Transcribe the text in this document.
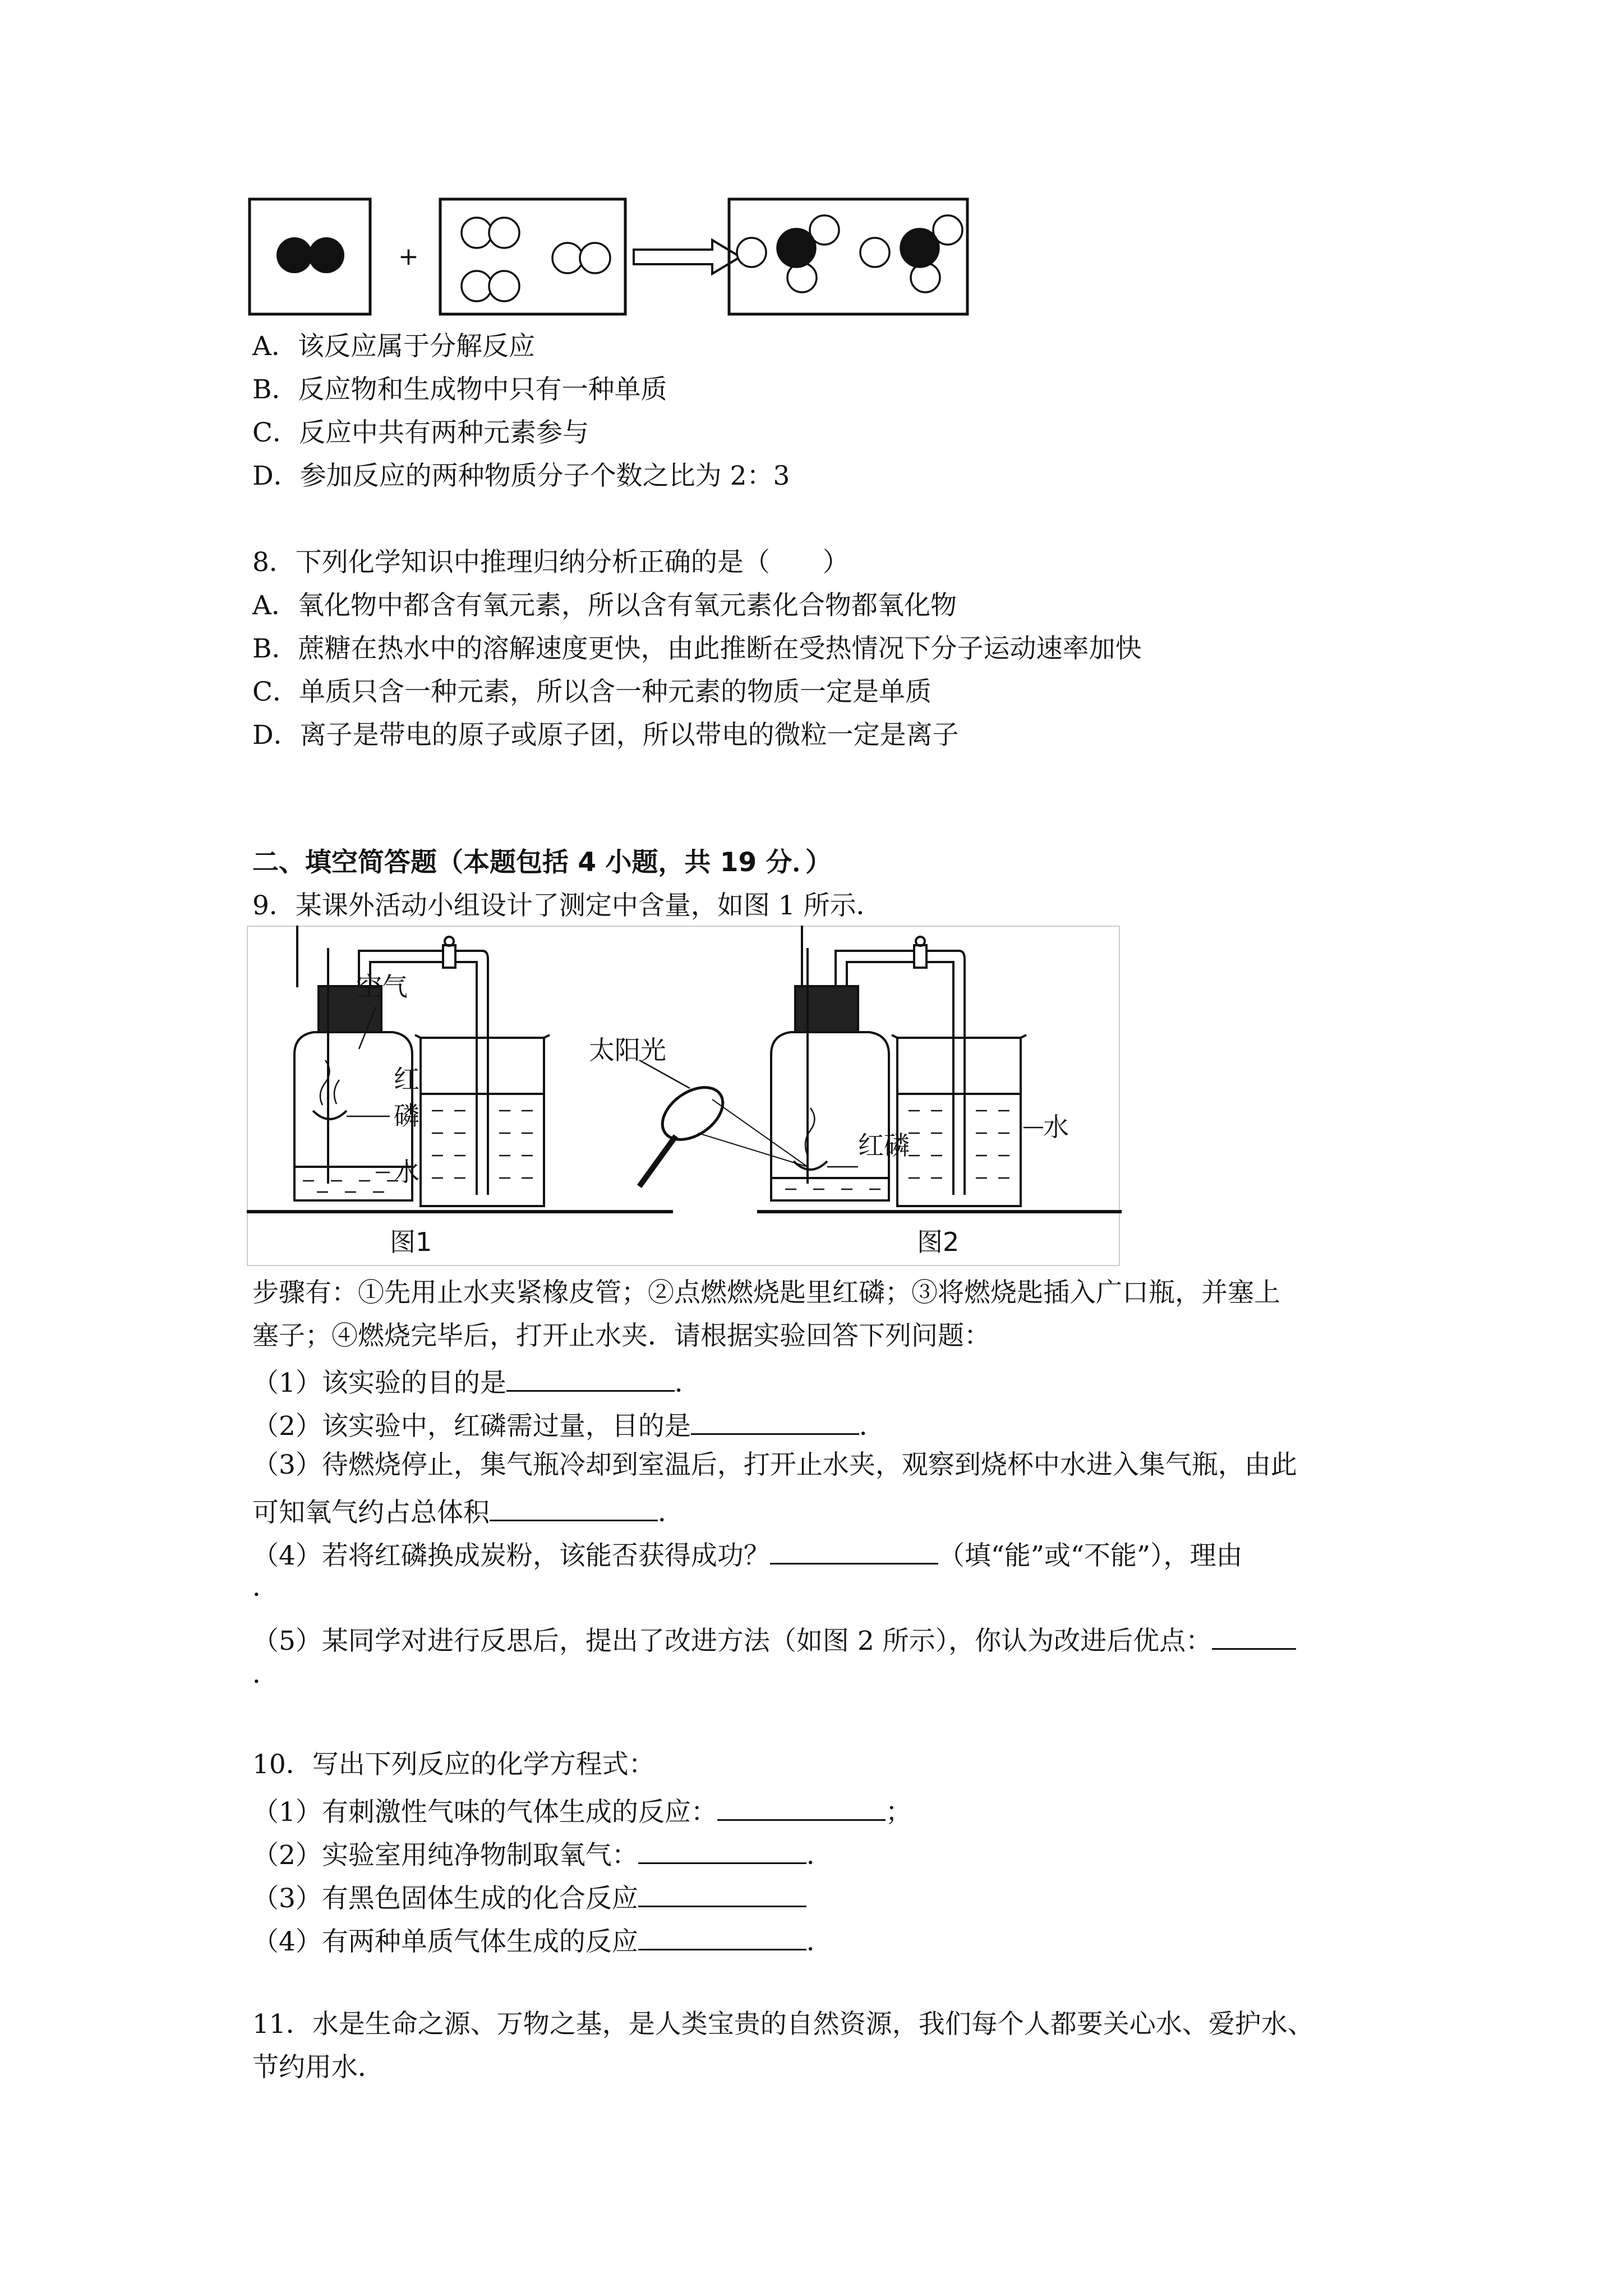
+
A．该反应属于分解反应
B．反应物和生成物中只有一种单质
C．反应中共有两种元素参与
D．参加反应的两种物质分子个数之比为 2：3
8．下列化学知识中推理归纳分析正确的是（　　）
A．氧化物中都含有氧元素，所以含有氧元素化合物都氧化物
B．蔗糖在热水中的溶解速度更快，由此推断在受热情况下分子运动速率加快
C．单质只含一种元素，所以含一种元素的物质一定是单质
D．离子是带电的原子或原子团，所以带电的微粒一定是离子
二、填空简答题（本题包括 4 小题，共 19 分．）
9．某课外活动小组设计了测定中含量，如图 1 所示．
空气
红
磷
水
太阳光
红磷
水
图1	图2
步骤有：①先用止水夹紧橡皮管；②点燃燃烧匙里红磷；③将燃烧匙插入广口瓶，并塞上
塞子；④燃烧完毕后，打开止水夹．请根据实验回答下列问题：
（1）该实验的目的是	．
（2）该实验中，红磷需过量，目的是	．
（3）待燃烧停止，集气瓶冷却到室温后，打开止水夹，观察到烧杯中水进入集气瓶，由此
可知氧气约占总体积	．
（4）若将红磷换成炭粉，该能否获得成功？	（填“能”或“不能”），理由
．
（5）某同学对进行反思后，提出了改进方法（如图 2 所示），你认为改进后优点：
．
10．写出下列反应的化学方程式：
（1）有刺激性气味的气体生成的反应：	；
（2）实验室用纯净物制取氧气：	．
（3）有黑色固体生成的化合反应
（4）有两种单质气体生成的反应	．
11．水是生命之源、万物之基，是人类宝贵的自然资源，我们每个人都要关心水、爱护水、
节约用水．
